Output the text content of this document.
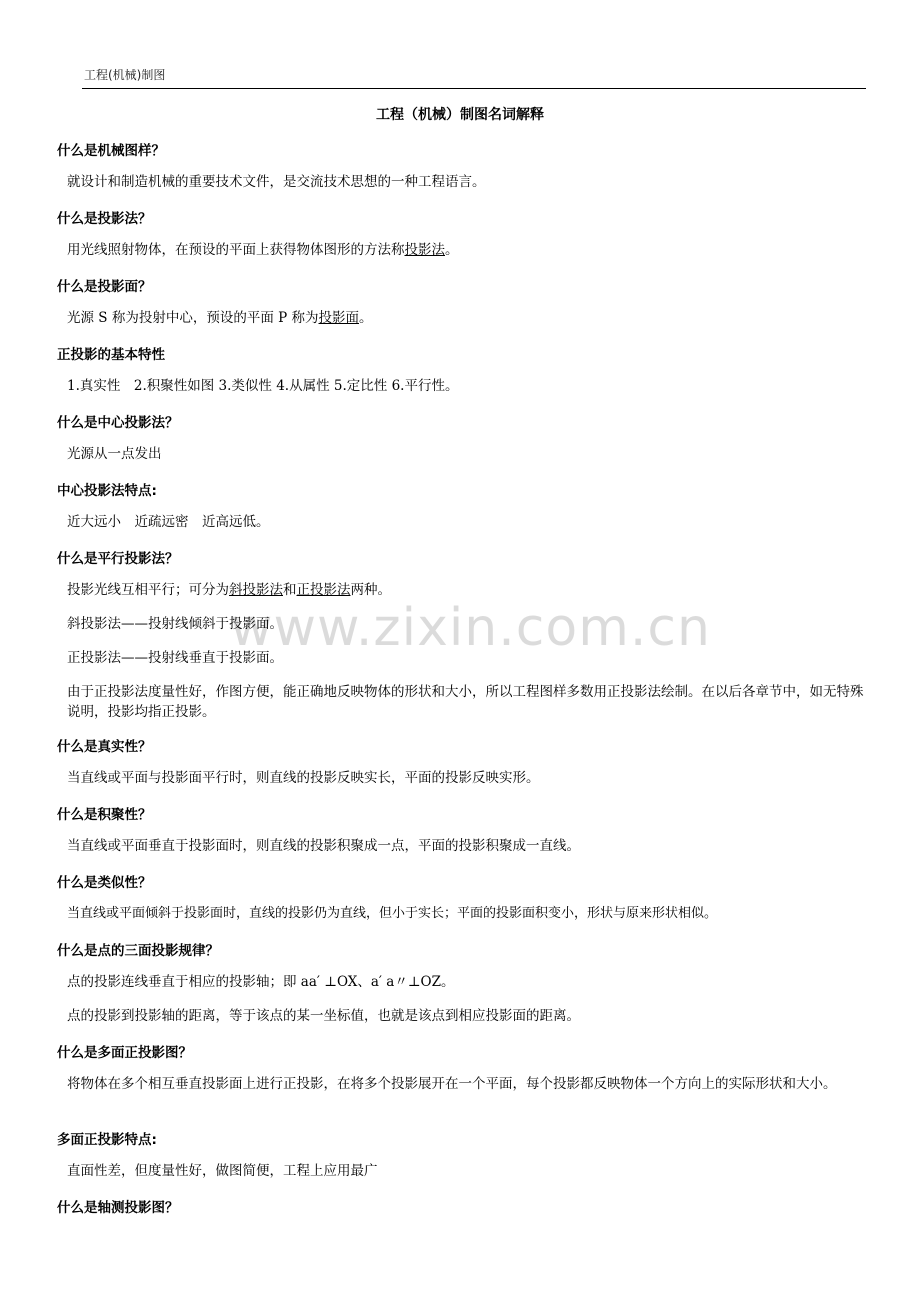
工程(机械)制图
工程（机械）制图名词解释
www.zixin.com.cn
什么是机械图样？
就设计和制造机械的重要技术文件，是交流技术思想的一种工程语言。
什么是投影法？
用光线照射物体，在预设的平面上获得物体图形的方法称投影法。
什么是投影面？
光源 S 称为投射中心，预设的平面 P 称为投影面。
正投影的基本特性
1.真实性　2.积聚性如图 3.类似性 4.从属性 5.定比性 6.平行性。
什么是中心投影法？
光源从一点发出
中心投影法特点:
近大远小　近疏远密　近高远低。
什么是平行投影法？
投影光线互相平行；可分为斜投影法和正投影法两种。
斜投影法——投射线倾斜于投影面。
正投影法——投射线垂直于投影面。
由于正投影法度量性好，作图方便，能正确地反映物体的形状和大小，所以工程图样多数用正投影法绘制。在以后各章节中，如无特殊说明，投影均指正投影。
什么是真实性？
当直线或平面与投影面平行时，则直线的投影反映实长，平面的投影反映实形。
什么是积聚性？
当直线或平面垂直于投影面时，则直线的投影积聚成一点，平面的投影积聚成一直线。
什么是类似性？
当直线或平面倾斜于投影面时，直线的投影仍为直线，但小于实长；平面的投影面积变小，形状与原来形状相似。
什么是点的三面投影规律？
点的投影连线垂直于相应的投影轴；即 aa′ ⊥OX、a′ a〃⊥OZ。
点的投影到投影轴的距离，等于该点的某一坐标值，也就是该点到相应投影面的距离。
什么是多面正投影图？
将物体在多个相互垂直投影面上进行正投影，在将多个投影展开在一个平面，每个投影都反映物体一个方向上的实际形状和大小。
多面正投影特点:
直面性差，但度量性好，做图简便，工程上应用最广
什么是轴测投影图？
